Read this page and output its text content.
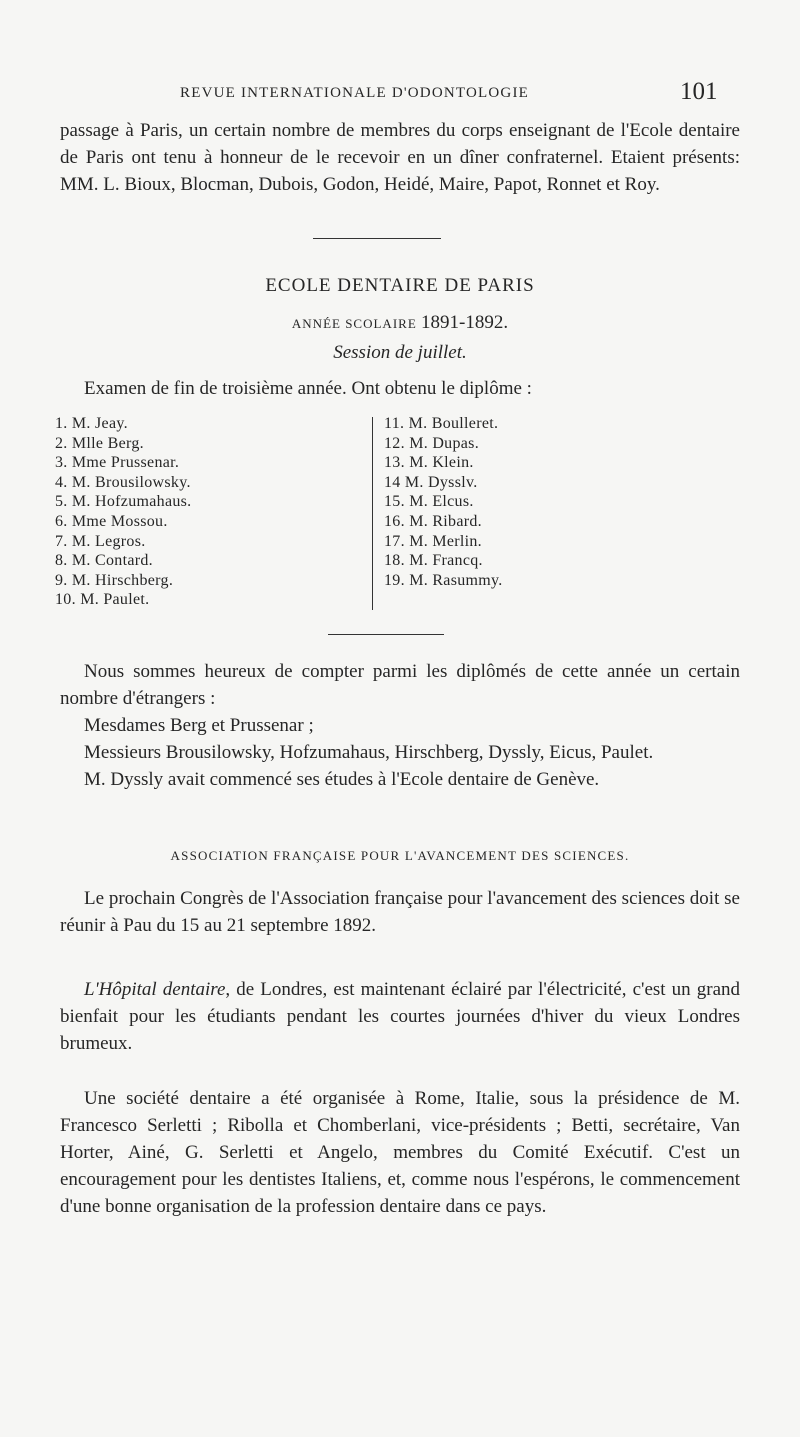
REVUE INTERNATIONALE D'ODONTOLOGIE	101

passage à Paris, un certain nombre de membres du corps enseignant de l'Ecole dentaire de Paris ont tenu à honneur de le recevoir en un dîner confraternel. Etaient présents: MM. L. Bioux, Blocman, Dubois, Godon, Heidé, Maire, Papot, Ronnet et Roy.

ECOLE DENTAIRE DE PARIS
ANNÉE SCOLAIRE 1891-1892.
Session de juillet.
Examen de fin de troisième année. Ont obtenu le diplôme :
1. M. Jeay.
2. Mlle Berg.
3. Mme Prussenar.
4. M. Brousilowsky.
5. M. Hofzumahaus.
6. Mme Mossou.
7. M. Legros.
8. M. Contard.
9. M. Hirschberg.
10. M. Paulet.
11. M. Boulleret.
12. M. Dupas.
13. M. Klein.
14 M. Dysslv.
15. M. Elcus.
16. M. Ribard.
17. M. Merlin.
18. M. Francq.
19. M. Rasummy.

Nous sommes heureux de compter parmi les diplômés de cette année un certain nombre d'étrangers :

Mesdames Berg et Prussenar ;

Messieurs Brousilowsky, Hofzumahaus, Hirschberg, Dyssly, Eicus, Paulet.

M. Dyssly avait commencé ses études à l'Ecole dentaire de Genève.

ASSOCIATION FRANÇAISE POUR L'AVANCEMENT DES SCIENCES.

Le prochain Congrès de l'Association française pour l'avancement des sciences doit se réunir à Pau du 15 au 21 septembre 1892.

L'Hôpital dentaire, de Londres, est maintenant éclairé par l'électricité, c'est un grand bienfait pour les étudiants pendant les courtes journées d'hiver du vieux Londres brumeux.

Une société dentaire a été organisée à Rome, Italie, sous la présidence de M. Francesco Serletti ; Ribolla et Chomberlani, vice-présidents ; Betti, secrétaire, Van Horter, Ainé, G. Serletti et Angelo, membres du Comité Exécutif. C'est un encouragement pour les dentistes Italiens, et, comme nous l'espérons, le commencement d'une bonne organisation de la profession dentaire dans ce pays.
